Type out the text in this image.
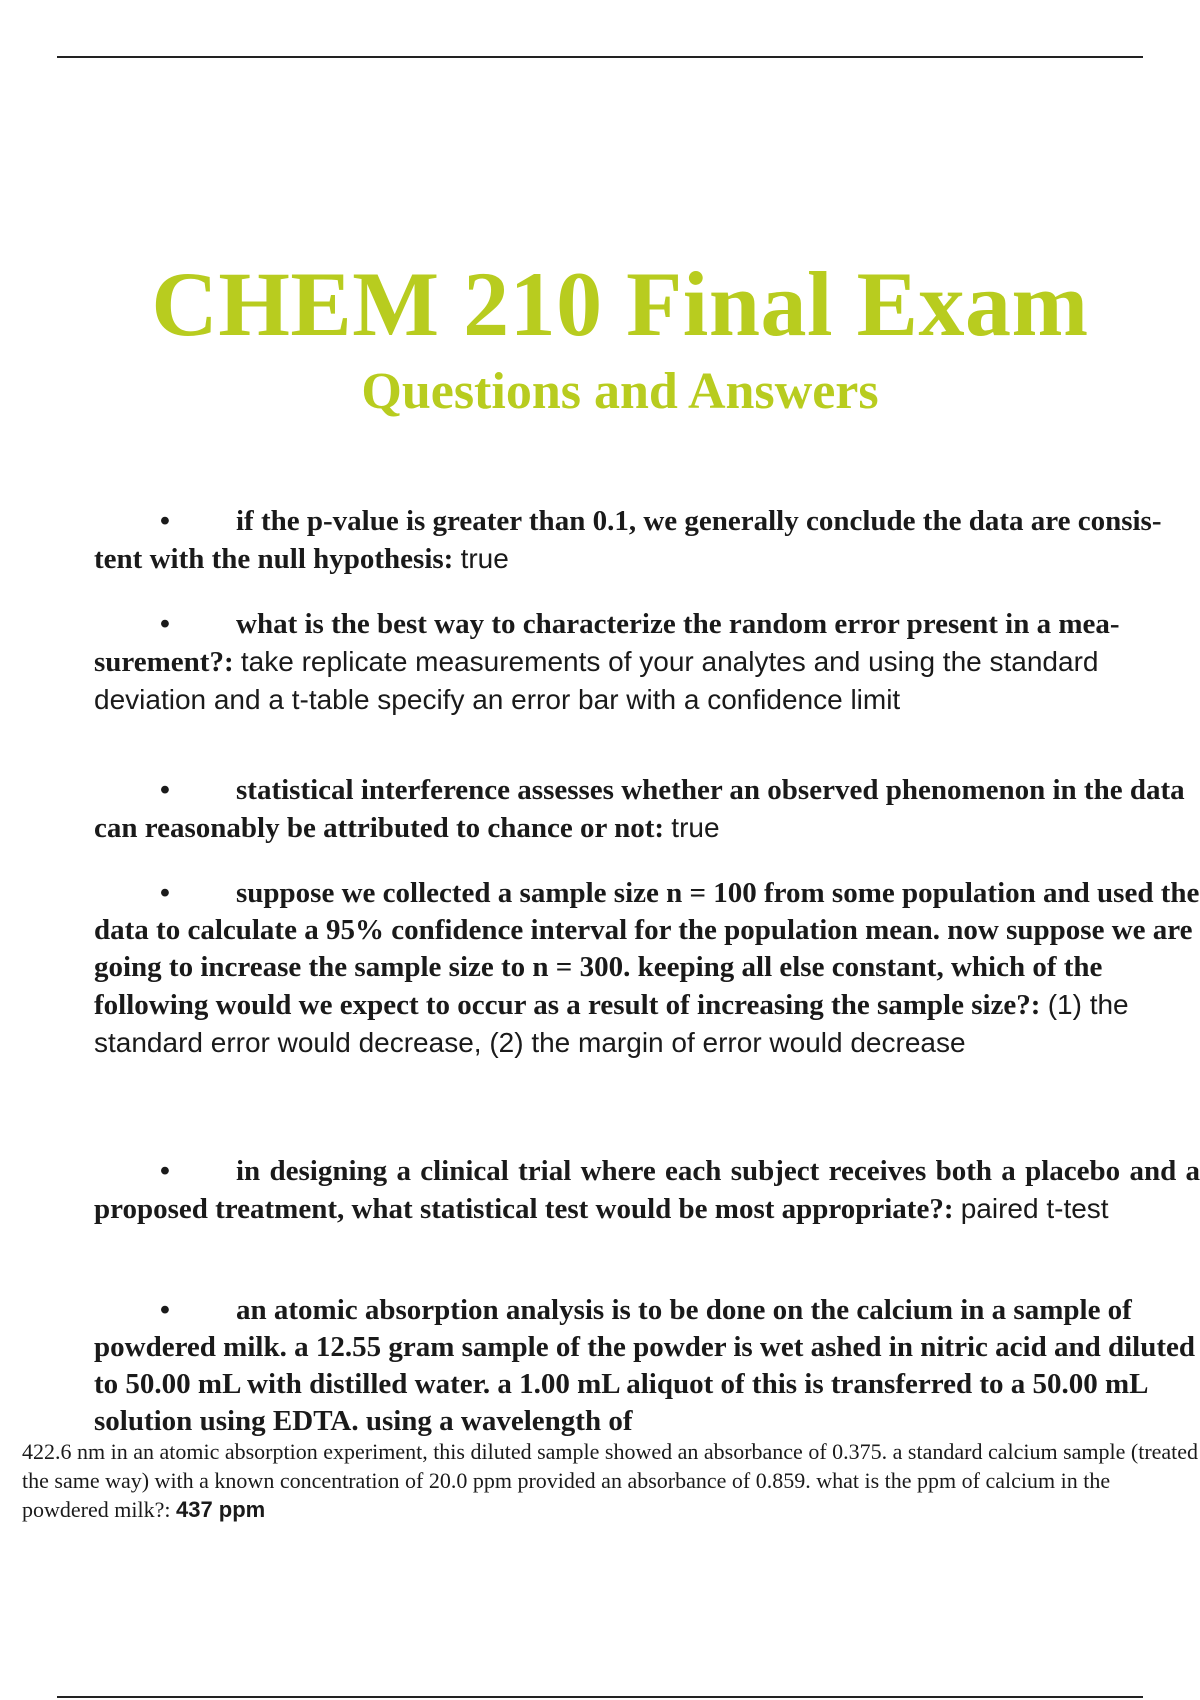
CHEM 210 Final Exam
Questions and Answers
• if the p-value is greater than 0.1, we generally conclude the data are consis- tent with the null hypothesis: true
• what is the best way to characterize the random error present in a mea- surement?: take replicate measurements of your analytes and using the standard deviation and a t-table specify an error bar with a confidence limit
• statistical interference assesses whether an observed phenomenon in the data can reasonably be attributed to chance or not: true
• suppose we collected a sample size n = 100 from some population and used the data to calculate a 95% confidence interval for the population mean. now suppose we are going to increase the sample size to n = 300. keeping all else constant, which of the following would we expect to occur as a result of increasing the sample size?: (1) the standard error would decrease, (2) the margin of error would decrease
• in designing a clinical trial where each subject receives both a placebo and a proposed treatment, what statistical test would be most appropriate?: paired t-test
• an atomic absorption analysis is to be done on the calcium in a sample of powdered milk. a 12.55 gram sample of the powder is wet ashed in nitric acid and diluted to 50.00 mL with distilled water. a 1.00 mL aliquot of this is transferred to a 50.00 mL solution using EDTA. using a wavelength of
422.6 nm in an atomic absorption experiment, this diluted sample showed an absorbance of 0.375. a standard calcium sample (treated the same way) with a known concentration of 20.0 ppm provided an absorbance of 0.859. what is the ppm of calcium in the powdered milk?: 437 ppm
